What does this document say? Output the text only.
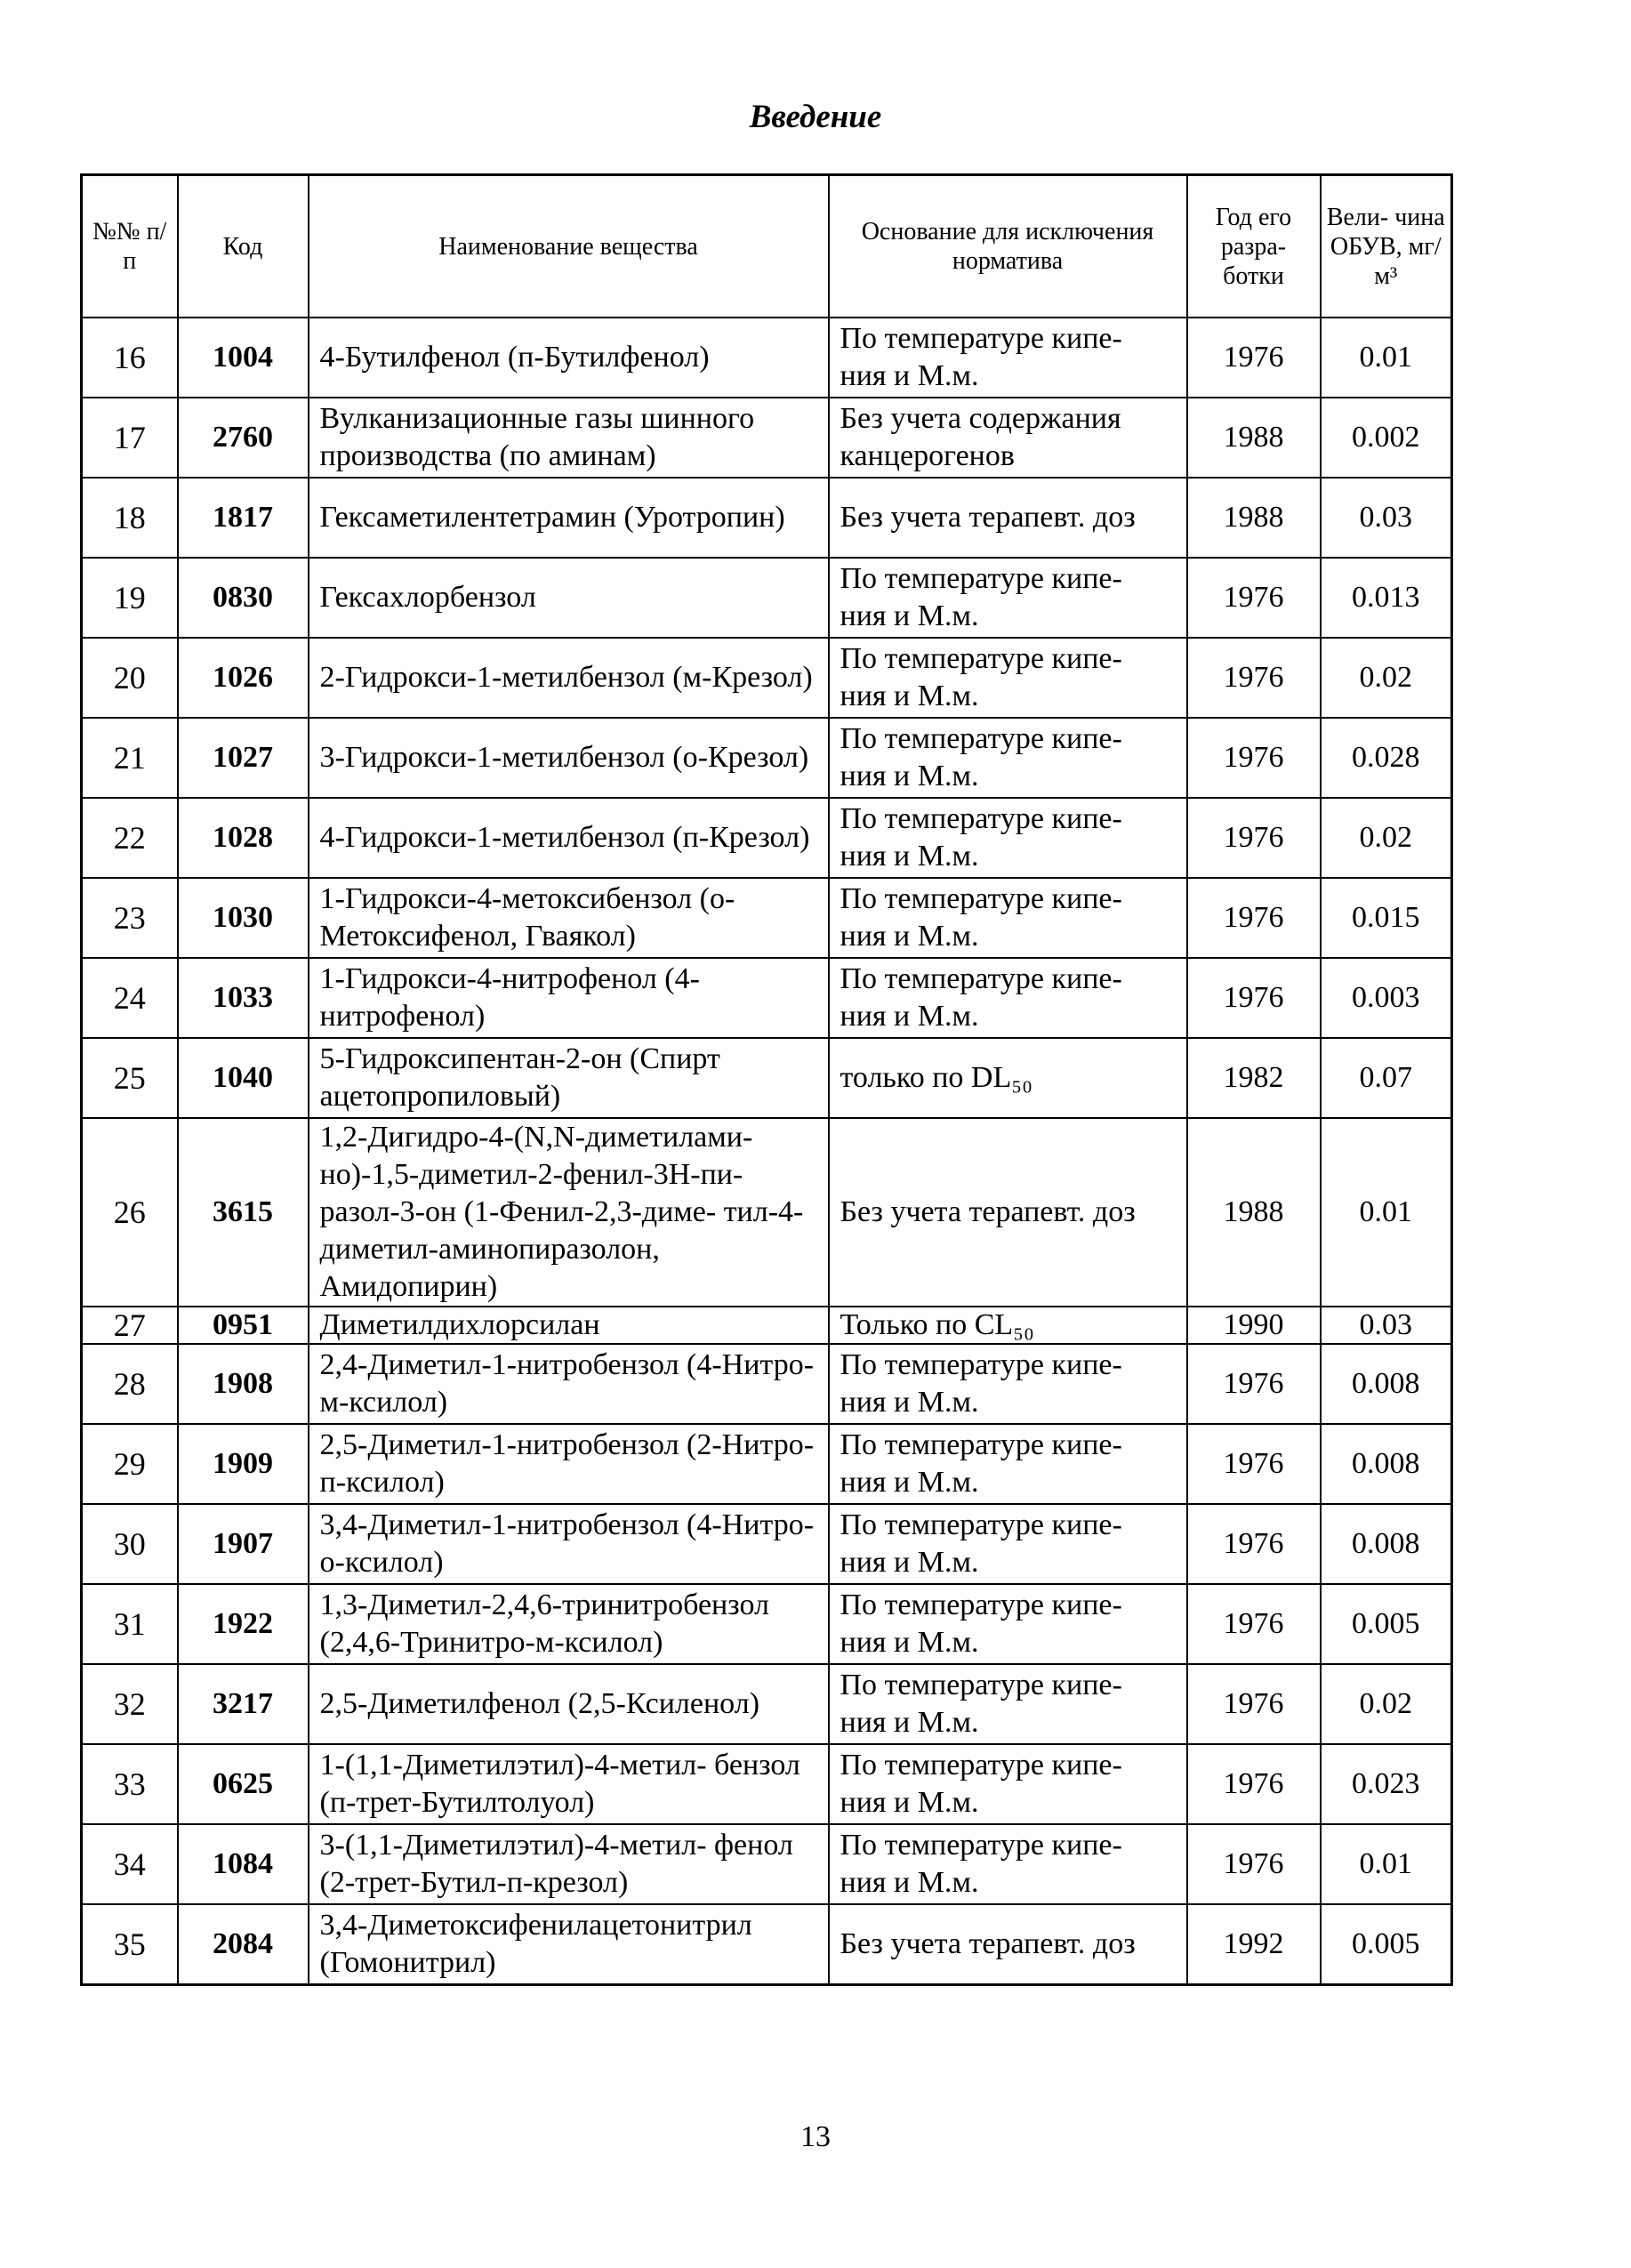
Введение
№№ п/п	Код	Наименование вещества	Основание для исключения норматива	Год его разра- ботки	Вели- чина ОБУВ, мг/м³
16	1004	4-Бутилфенол (п-Бутилфенол)	По температуре кипе- ния и М.м.	1976	0.01
17	2760	Вулканизационные газы шинного производства (по аминам)	Без учета содержания канцерогенов	1988	0.002
18	1817	Гексаметилентетрамин (Уротропин)	Без учета терапевт. доз	1988	0.03
19	0830	Гексахлорбензол	По температуре кипе- ния и М.м.	1976	0.013
20	1026	2-Гидрокси-1-метилбензол (м-Крезол)	По температуре кипе- ния и М.м.	1976	0.02
21	1027	3-Гидрокси-1-метилбензол (о-Крезол)	По температуре кипе- ния и М.м.	1976	0.028
22	1028	4-Гидрокси-1-метилбензол (п-Крезол)	По температуре кипе- ния и М.м.	1976	0.02
23	1030	1-Гидрокси-4-метоксибензол (о-Метоксифенол, Гваякол)	По температуре кипе- ния и М.м.	1976	0.015
24	1033	1-Гидрокси-4-нитрофенол (4-нитрофенол)	По температуре кипе- ния и М.м.	1976	0.003
25	1040	5-Гидроксипентан-2-он (Спирт ацетопропиловый)	только по DL₅₀	1982	0.07
26	3615	1,2-Дигидро-4-(N,N-диметилами- но)-1,5-диметил-2-фенил-3Н-пи- разол-3-он (1-Фенил-2,3-диме- тил-4-диметил-аминопиразолон, Амидопирин)	Без учета терапевт. доз	1988	0.01
27	0951	Диметилдихлорсилан	Только по CL₅₀	1990	0.03
28	1908	2,4-Диметил-1-нитробензол (4-Нитро-м-ксилол)	По температуре кипе- ния и М.м.	1976	0.008
29	1909	2,5-Диметил-1-нитробензол (2-Нитро-п-ксилол)	По температуре кипе- ния и М.м.	1976	0.008
30	1907	3,4-Диметил-1-нитробензол (4-Нитро-о-ксилол)	По температуре кипе- ния и М.м.	1976	0.008
31	1922	1,3-Диметил-2,4,6-тринитробензол (2,4,6-Тринитро-м-ксилол)	По температуре кипе- ния и М.м.	1976	0.005
32	3217	2,5-Диметилфенол (2,5-Ксиленол)	По температуре кипе- ния и М.м.	1976	0.02
33	0625	1-(1,1-Диметилэтил)-4-метил- бензол (п-трет-Бутилтолуол)	По температуре кипе- ния и М.м.	1976	0.023
34	1084	3-(1,1-Диметилэтил)-4-метил- фенол (2-трет-Бутил-п-крезол)	По температуре кипе- ния и М.м.	1976	0.01
35	2084	3,4-Диметоксифенилацетонитрил (Гомонитрил)	Без учета терапевт. доз	1992	0.005
13
